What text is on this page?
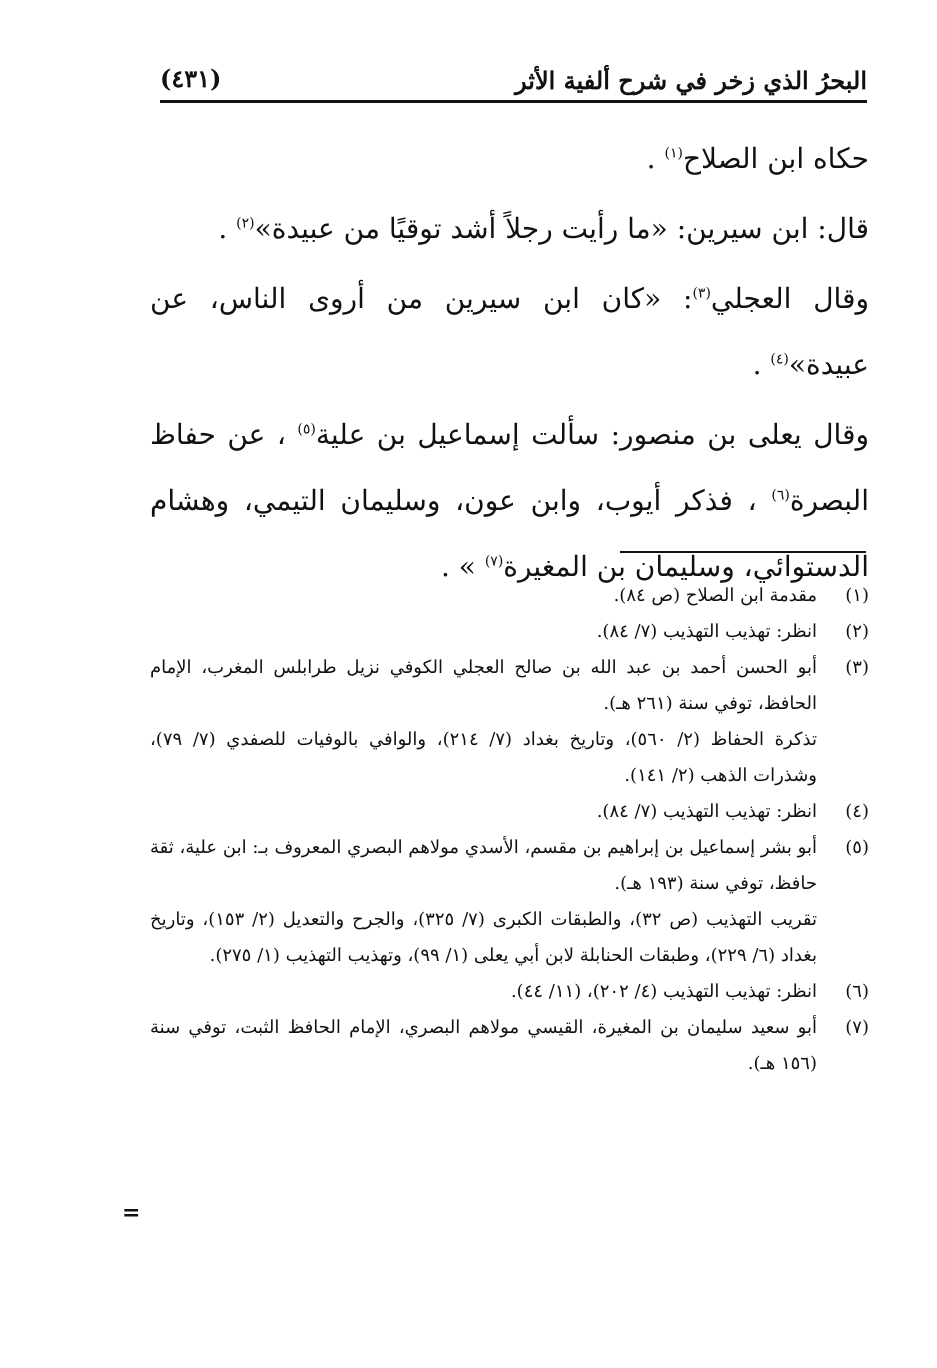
البحرُ الذي زخر في شرح ألفية الأثر
(٤٣١)

حكاه ابن الصلاح$^{(١)}$ .

قال: ابن سيرين: «ما رأيت رجلاً أشد توقيًا من عبيدة»$^{(٢)}$ .

وقال العجلي$^{(٣)}$: «كان ابن سيرين من أروى الناس، عن عبيدة»$^{(٤)}$ .

وقال يعلى بن منصور: سألت إسماعيل بن علية$^{(٥)}$ ، عن حفاظ البصرة$^{(٦)}$ ، فذكر أيوب، وابن عون، وسليمان التيمي، وهشام الدستوائي، وسليمان بن المغيرة$^{(٧)}$ » .

(١)
مقدمة ابن الصلاح (ص ٨٤).
(٢)
انظر: تهذيب التهذيب (٧/ ٨٤).
(٣)
أبو الحسن أحمد بن عبد الله بن صالح العجلي الكوفي نزيل طرابلس المغرب، الإمام الحافظ، توفي سنة (٢٦١ هـ).
تذكرة الحفاظ (٢/ ٥٦٠)، وتاريخ بغداد (٧/ ٢١٤)، والوافي بالوفيات للصفدي (٧/ ٧٩)، وشذرات الذهب (٢/ ١٤١).
(٤)
انظر: تهذيب التهذيب (٧/ ٨٤).
(٥)
أبو بشر إسماعيل بن إبراهيم بن مقسم، الأسدي مولاهم البصري المعروف بـ: ابن علية، ثقة حافظ، توفي سنة (١٩٣ هـ).
تقريب التهذيب (ص ٣٢)، والطبقات الكبرى (٧/ ٣٢٥)، والجرح والتعديل (٢/ ١٥٣)، وتاريخ بغداد (٦/ ٢٢٩)، وطبقات الحنابلة لابن أبي يعلى (١/ ٩٩)، وتهذيب التهذيب (١/ ٢٧٥).
(٦)
انظر: تهذيب التهذيب (٤/ ٢٠٢)، (١١/ ٤٤).
(٧)
أبو سعيد سليمان بن المغيرة، القيسي مولاهم البصري، الإمام الحافظ الثبت، توفي سنة (١٥٦ هـ).
=
